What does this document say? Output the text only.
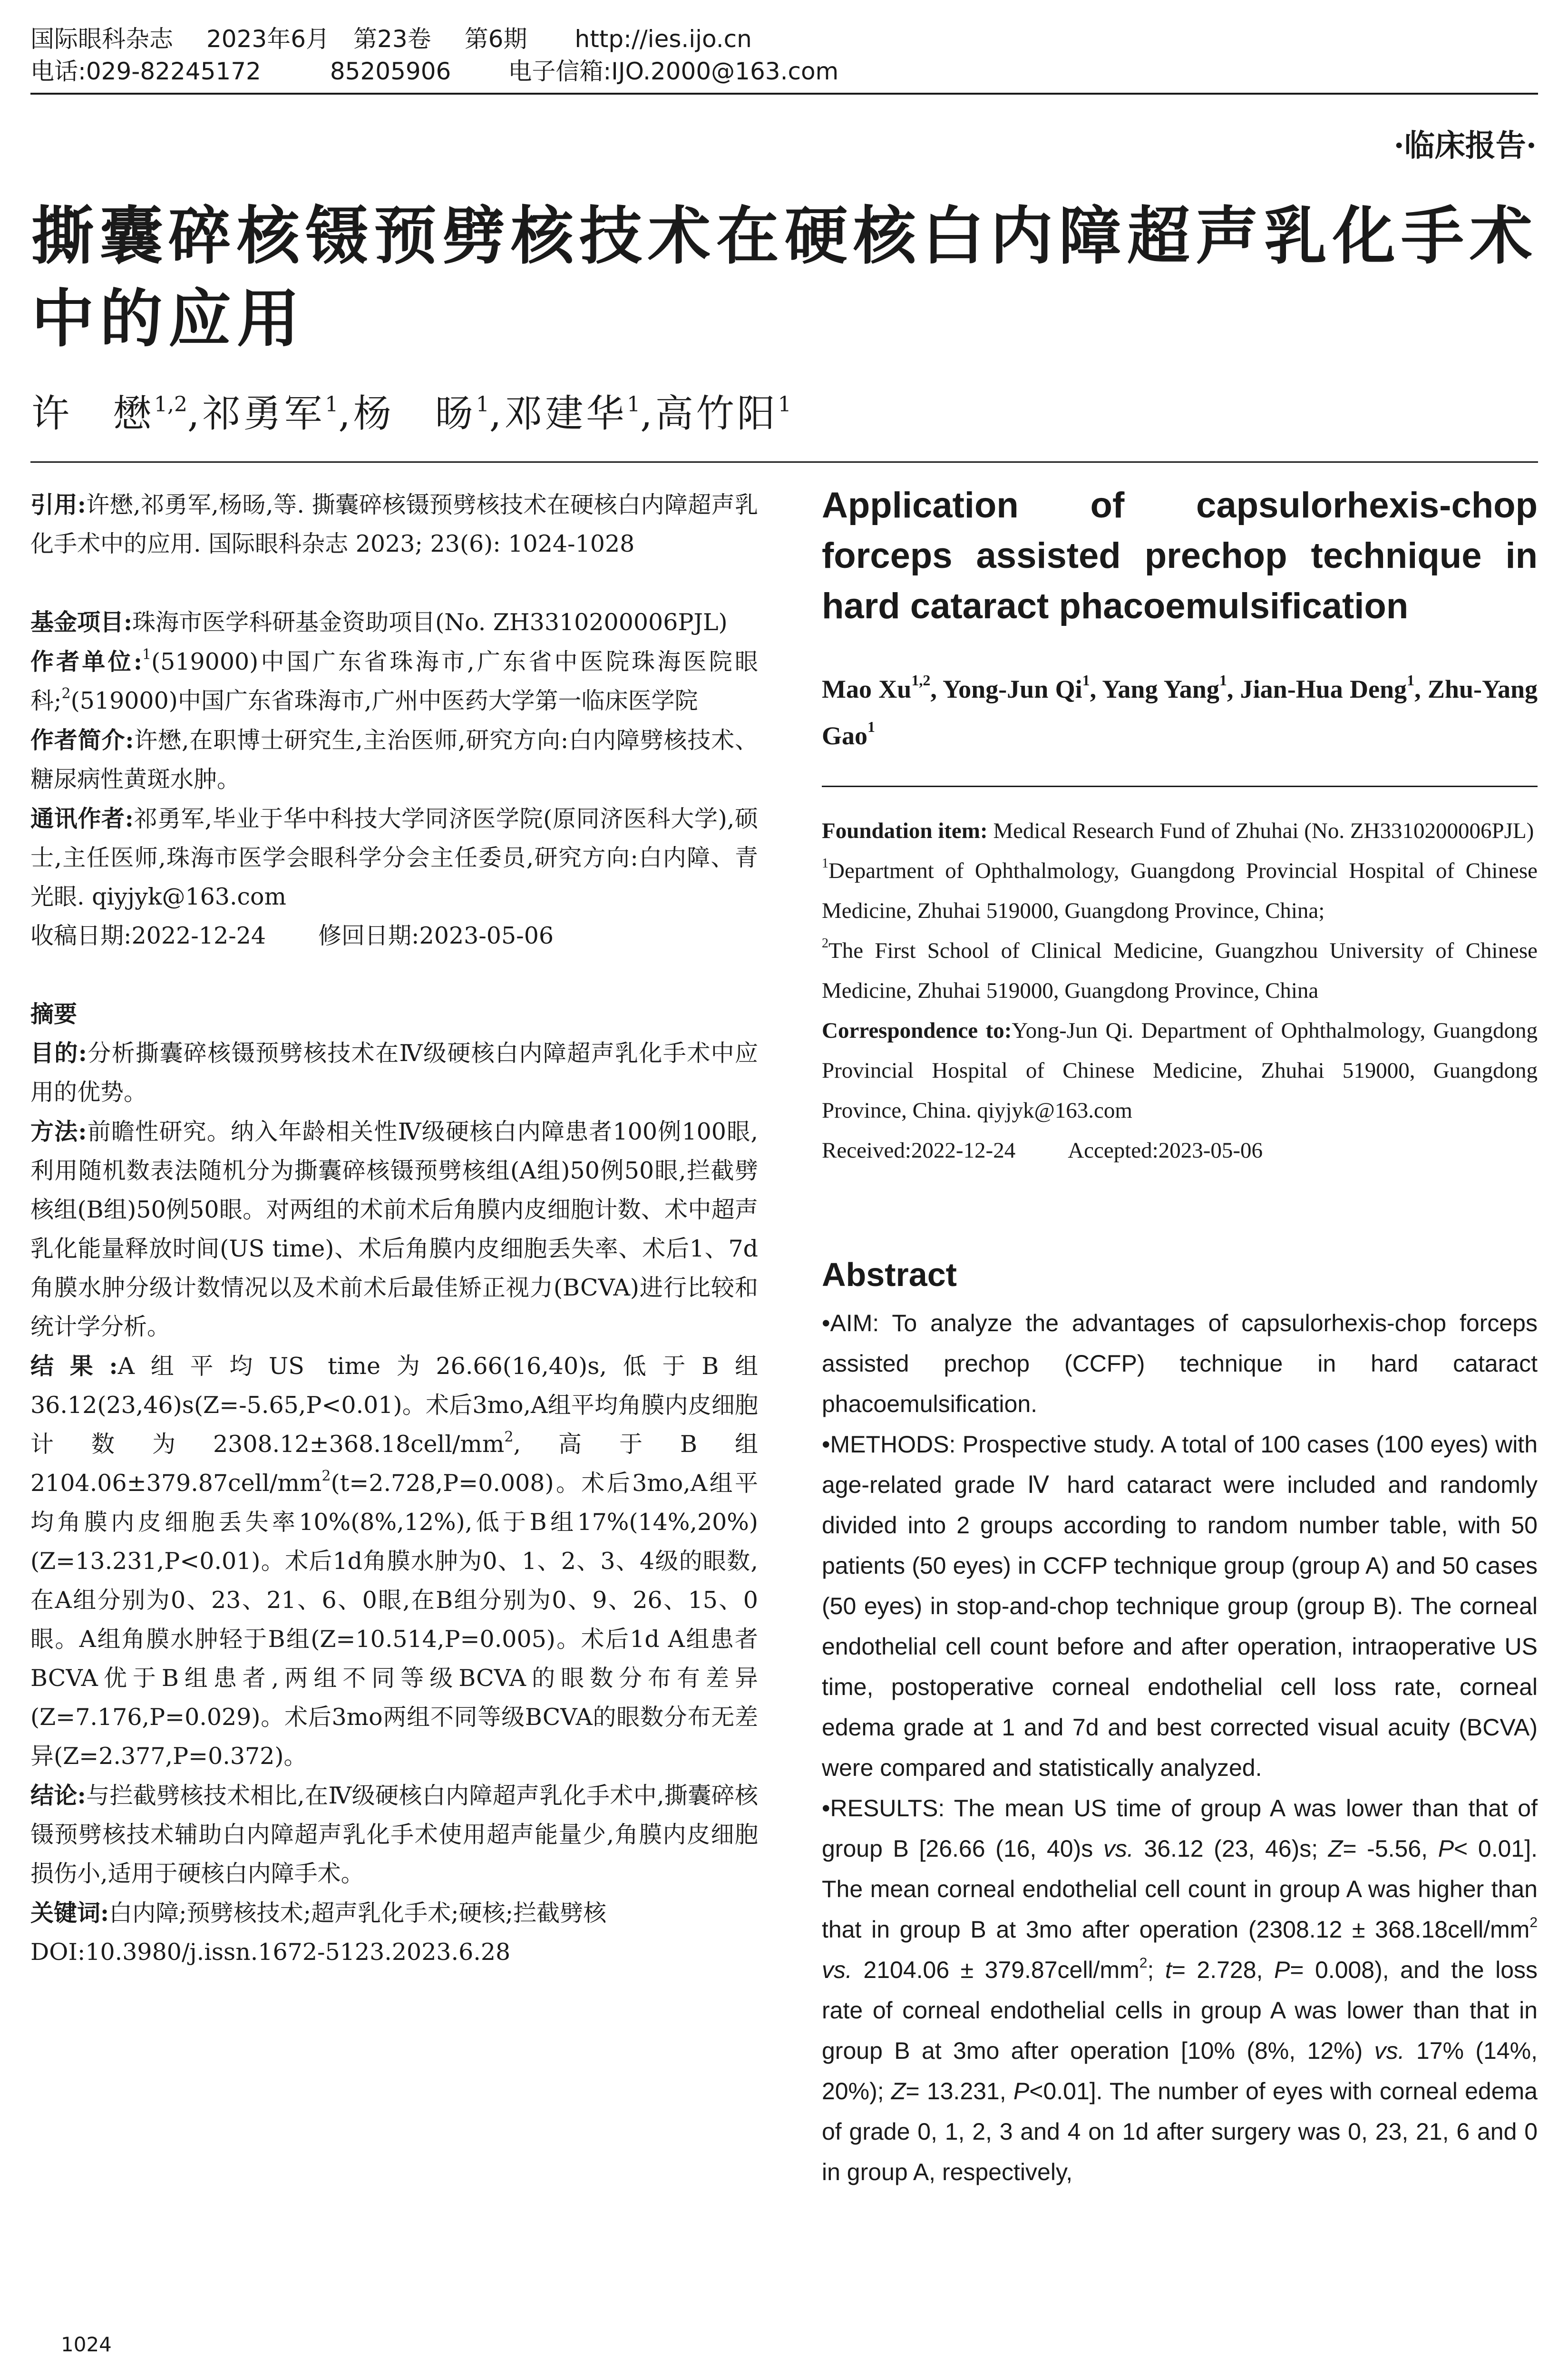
国际眼科杂志 2023年6月 第23卷 第6期 http://ies.ijo.cn
电话:029-82245172	85205906 电子信箱:IJO.2000@163.com
·临床报告·
撕囊碎核镊预劈核技术在硬核白内障超声乳化手术中的应用
许　懋$^{1,2}$,祁勇军$^1$,杨　旸$^1$,邓建华$^1$,高竹阳$^1$

引用:许懋,祁勇军,杨旸,等. 撕囊碎核镊预劈核技术在硬核白内障超声乳化手术中的应用. 国际眼科杂志 2023; 23(6): 1024-1028

基金项目:珠海市医学科研基金资助项目(No. ZH3310200006PJL)

作者单位:$^1$(519000)中国广东省珠海市,广东省中医院珠海医院眼科;$^2$(519000)中国广东省珠海市,广州中医药大学第一临床医学院

作者简介:许懋,在职博士研究生,主治医师,研究方向:白内障劈核技术、糖尿病性黄斑水肿。

通讯作者:祁勇军,毕业于华中科技大学同济医学院(原同济医科大学),硕士,主任医师,珠海市医学会眼科学分会主任委员,研究方向:白内障、青光眼. qiyjyk@163.com

收稿日期:2022-12-24 修回日期:2023-05-06

摘要

目的:分析撕囊碎核镊预劈核技术在Ⅳ级硬核白内障超声乳化手术中应用的优势。

方法:前瞻性研究。纳入年龄相关性Ⅳ级硬核白内障患者100例100眼,利用随机数表法随机分为撕囊碎核镊预劈核组(A组)50例50眼,拦截劈核组(B组)50例50眼。对两组的术前术后角膜内皮细胞计数、术中超声乳化能量释放时间(US time)、术后角膜内皮细胞丢失率、术后1、7d角膜水肿分级计数情况以及术前术后最佳矫正视力(BCVA)进行比较和统计学分析。

结果:A组平均US time为26.66(16,40)s,低于B组36.12(23,46)s(Z=-5.65,P<0.01)。术后3mo,A组平均角膜内皮细胞计数为$2308.12\pm 368.18cell/mm^2$,高于B组$2104.06\pm 379.87cell/mm^2(t=2.728,P=0.008)$。术后3mo,A组平均角膜内皮细胞丢失率10%(8%,12%),低于B组17%(14%,20%)(Z=13.231,P<0.01)。术后1d角膜水肿为0、1、2、3、4级的眼数,在A组分别为0、23、21、6、0眼,在B组分别为0、9、26、15、0眼。A组角膜水肿轻于B组(Z=10.514,P=0.005)。术后1d A组患者BCVA优于B组患者,两组不同等级BCVA的眼数分布有差异(Z=7.176,P=0.029)。术后3mo两组不同等级BCVA的眼数分布无差异(Z=2.377,P=0.372)。

结论:与拦截劈核技术相比,在Ⅳ级硬核白内障超声乳化手术中,撕囊碎核镊预劈核技术辅助白内障超声乳化手术使用超声能量少,角膜内皮细胞损伤小,适用于硬核白内障手术。

关键词:白内障;预劈核技术;超声乳化手术;硬核;拦截劈核

DOI:10.3980/j.issn.1672-5123.2023.6.28

1024
Application of capsulorhexis-chop forceps assisted prechop technique in hard cataract phacoemulsification
Mao Xu$^{1,2}$, Yong-Jun Qi$^1$, Yang Yang$^1$, Jian-Hua Deng$^1$, Zhu-Yang Gao$^1$

Foundation item: Medical Research Fund of Zhuhai (No. ZH3310200006PJL)

$^1$Department of Ophthalmology, Guangdong Provincial Hospital of Chinese Medicine, Zhuhai 519000, Guangdong Province, China;

$^2$The First School of Clinical Medicine, Guangzhou University of Chinese Medicine, Zhuhai 519000, Guangdong Province, China

Correspondence to:Yong-Jun Qi. Department of Ophthalmology, Guangdong Provincial Hospital of Chinese Medicine, Zhuhai 519000, Guangdong Province, China. qiyjyk@163.com

Received:2022-12-24 Accepted:2023-05-06

Abstract

•AIM: To analyze the advantages of capsulorhexis-chop forceps assisted prechop (CCFP) technique in hard cataract phacoemulsification.

•METHODS: Prospective study. A total of 100 cases (100 eyes) with age-related grade Ⅳ hard cataract were included and randomly divided into 2 groups according to random number table, with 50 patients (50 eyes) in CCFP technique group (group A) and 50 cases (50 eyes) in stop-and-chop technique group (group B). The corneal endothelial cell count before and after operation, intraoperative US time, postoperative corneal endothelial cell loss rate, corneal edema grade at 1 and 7d and best corrected visual acuity (BCVA) were compared and statistically analyzed.

•RESULTS: The mean US time of group A was lower than that of group B [26.66 (16, 40)s vs. 36.12 (23, 46)s; Z= -5.56, P< 0.01]. The mean corneal endothelial cell count in group A was higher than that in group B at 3mo after operation ($2308.12 \pm 368.18cell/mm^2$ vs. $2104.06 \pm 379.87cell/mm^2$; t= 2.728, P= 0.008), and the loss rate of corneal endothelial cells in group A was lower than that in group B at 3mo after operation [10% (8%, 12%) vs. 17% (14%, 20%); Z= 13.231, P<0.01]. The number of eyes with corneal edema of grade 0, 1, 2, 3 and 4 on 1d after surgery was 0, 23, 21, 6 and 0 in group A, respectively,
